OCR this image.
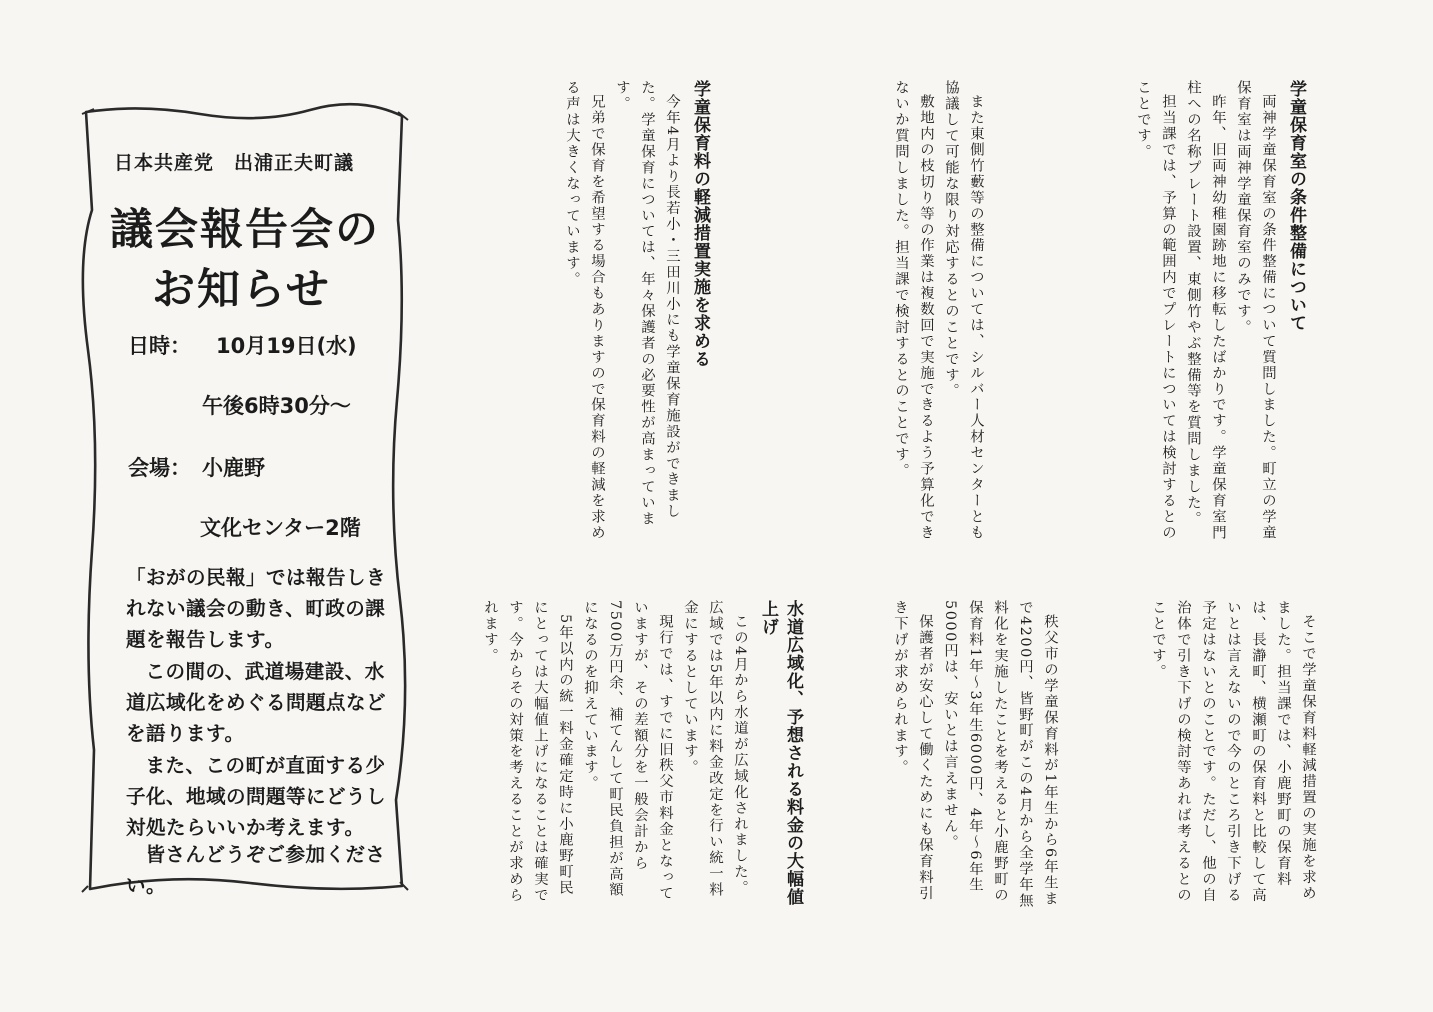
日本共産党　出浦正夫町議
議会報告会の
お知らせ
日時： 10月19日(水)
午後6時30分～
会場： 小鹿野
文化センター2階
「おがの民報」では報告しきれない議会の動き、町政の課題を報告します。
この間の、武道場建設、水道広域化をめぐる問題点などを語ります。
また、この町が直面する少子化、地域の問題等にどうし対処たらいいか考えます。
皆さんどうぞご参加ください。
学童保育室の条件整備について

両神学童保育室の条件整備について質問しました。町立の学童保育室は両神学童保育室のみです。

昨年、旧両神幼稚園跡地に移転したばかりです。学童保育室門柱への名称プレート設置、東側竹やぶ整備等を質問しました。

担当課では、予算の範囲内でプレートについては検討するとのことです。

また東側竹藪等の整備については、シルバー人材センターとも協議して可能な限り対応するとのことです。

敷地内の枝切り等の作業は複数回で実施できるよう予算化できないか質問しました。担当課で検討するとのことです。

学童保育料の軽減措置実施を求める

今年4月より長若小・三田川小にも学童保育施設ができました。学童保育については、年々保護者の必要性が高まっています。

兄弟で保育を希望する場合もありますので保育料の軽減を求める声は大きくなっています。

そこで学童保育料軽減措置の実施を求めました。担当課では、小鹿野町の保育料は、長瀞町、横瀬町の保育料と比較して高いとは言えないので今のところ引き下げる予定はないとのことです。ただし、他の自治体で引き下げの検討等あれば考えるとのことです。

秩父市の学童保育料が1年生から6年生まで4200円、皆野町がこの4月から全学年無料化を実施したことを考えると小鹿野町の保育料1年～3年生6000円、4年～6年生5000円は、安いとは言えません。

保護者が安心して働くためにも保育料引き下げが求められます。

水道広域化、予想される料金の大幅値上げ

この4月から水道が広域化されました。広域では5年以内に料金改定を行い統一料金にするとしています。

現行では、すでに旧秩父市料金となっていますが、その差額分を一般会計から7500万円余、補てんして町民負担が高額になるのを抑えています。

5年以内の統一料金確定時に小鹿野町民にとっては大幅値上げになることは確実です。今からその対策を考えることが求められます。
